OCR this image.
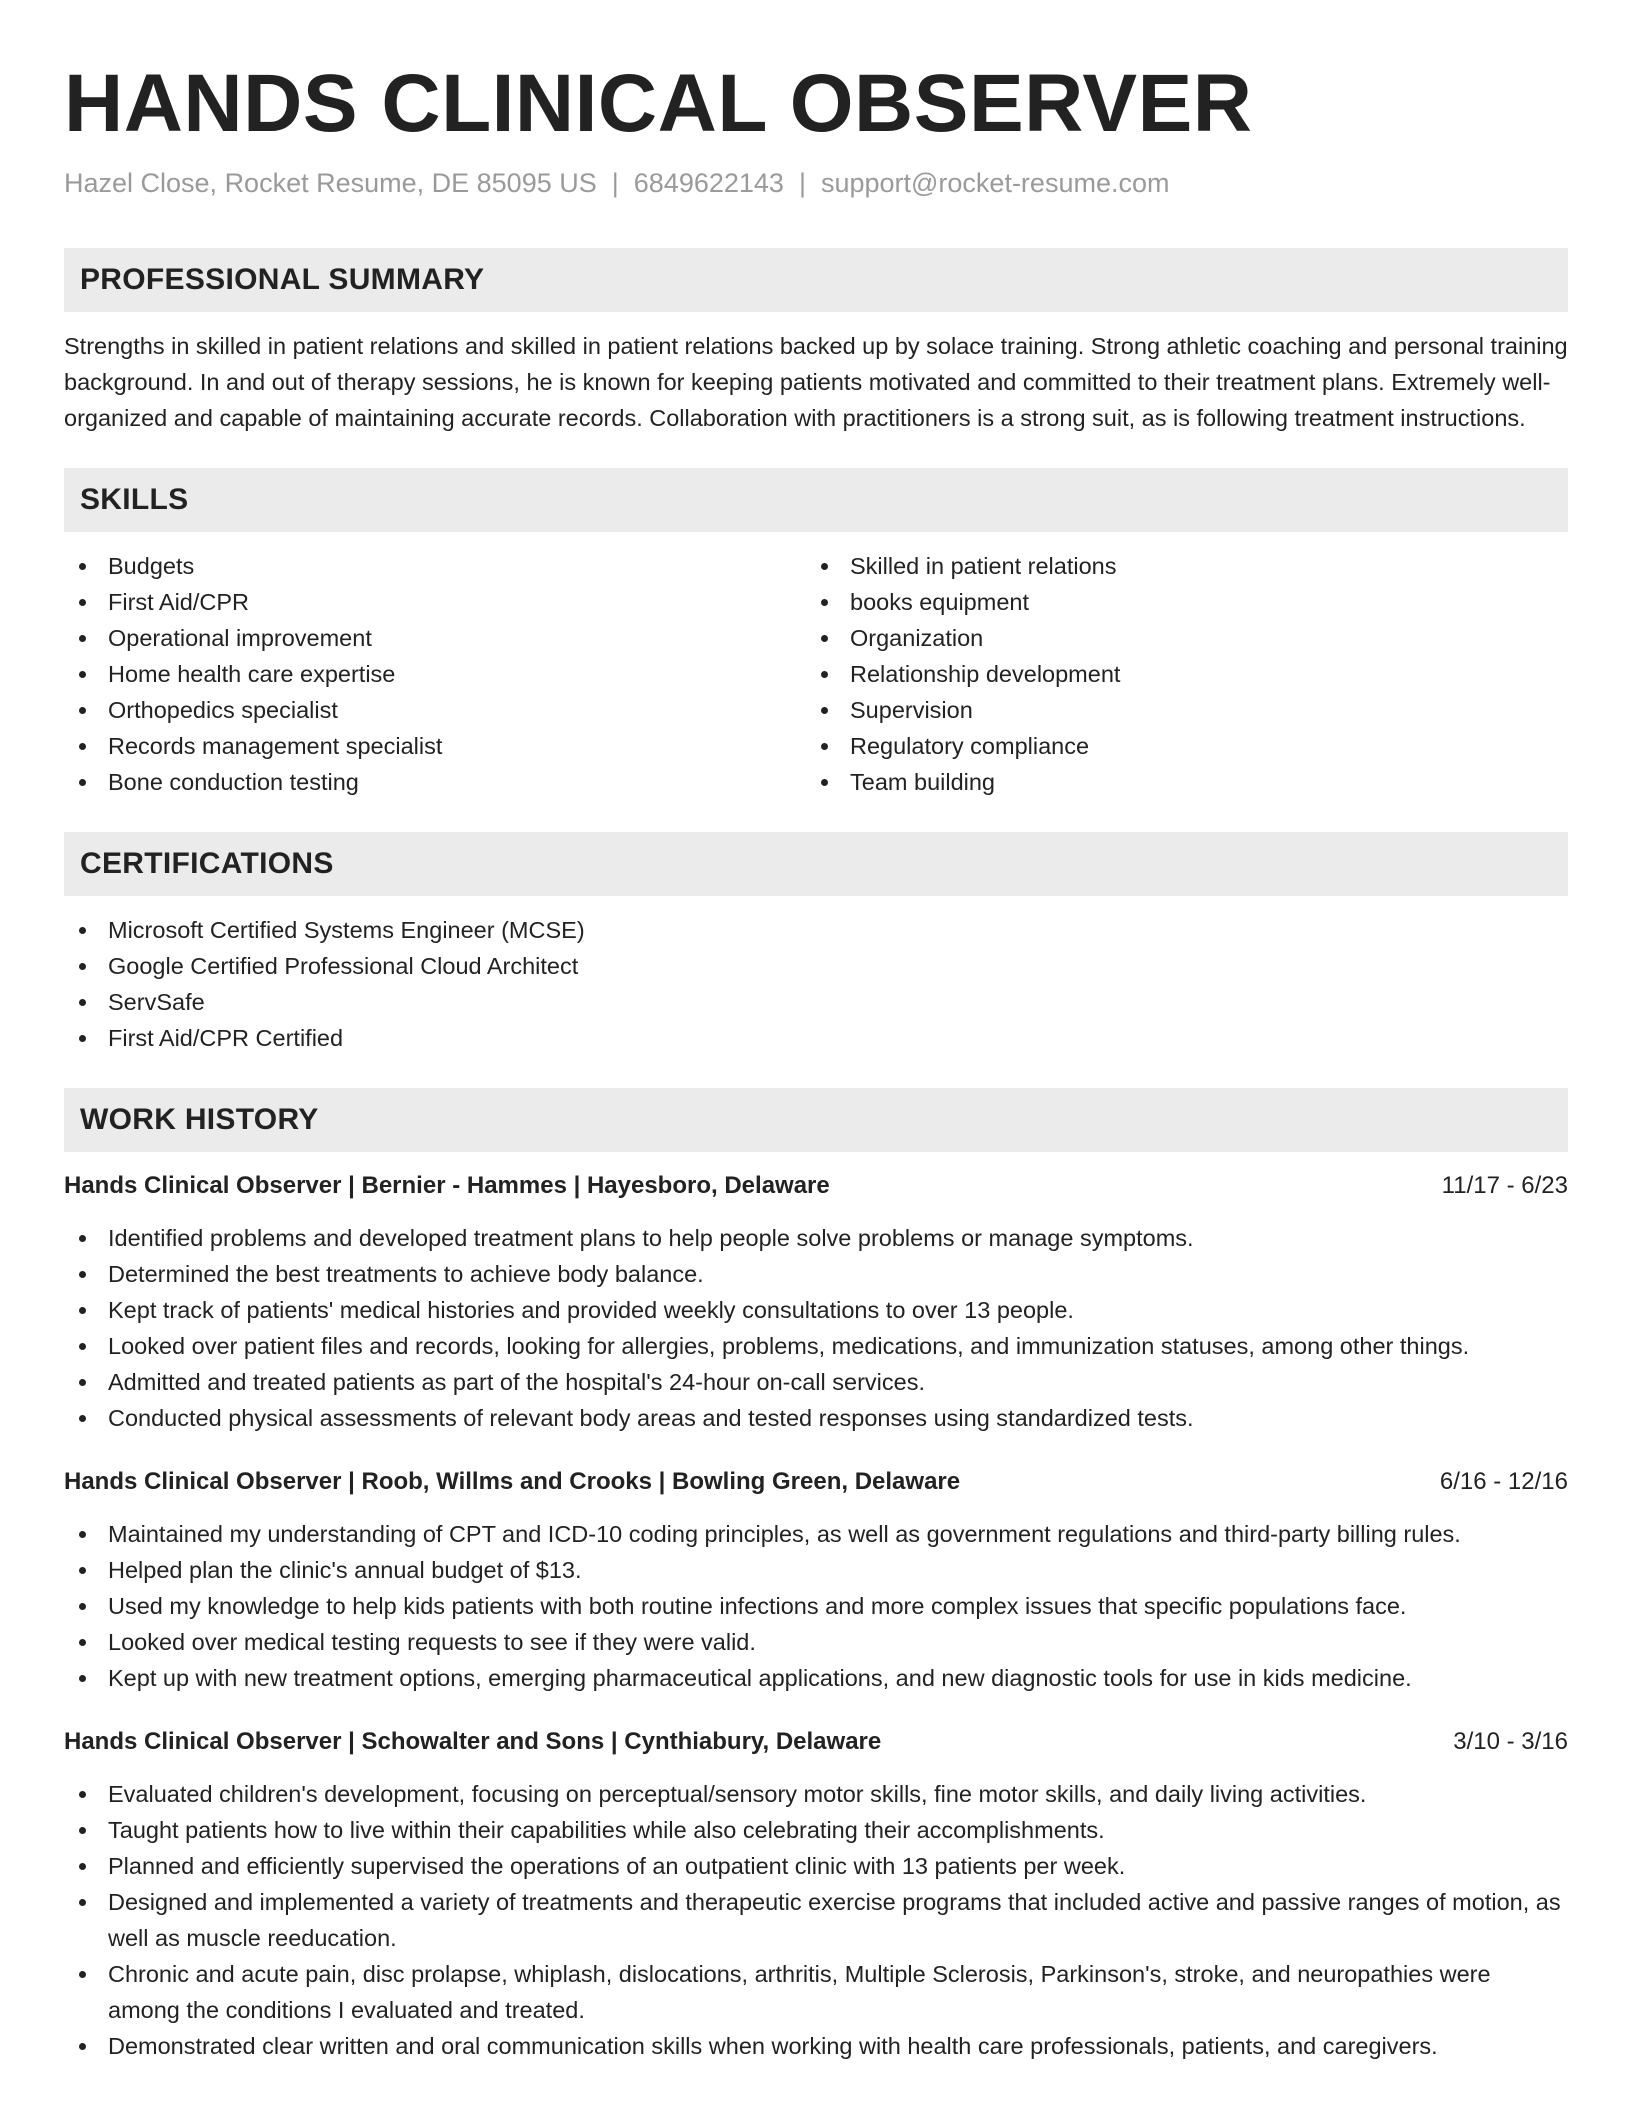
HANDS CLINICAL OBSERVER
Hazel Close, Rocket Resume, DE 85095 US | 6849622143 | support@rocket-resume.com
PROFESSIONAL SUMMARY

Strengths in skilled in patient relations and skilled in patient relations backed up by solace training. Strong athletic coaching and personal training background. In and out of therapy sessions, he is known for keeping patients motivated and committed to their treatment plans. Extremely well-organized and capable of maintaining accurate records. Collaboration with practitioners is a strong suit, as is following treatment instructions.

SKILLS
Budgets
First Aid/CPR
Operational improvement
Home health care expertise
Orthopedics specialist
Records management specialist
Bone conduction testing
Skilled in patient relations
books equipment
Organization
Relationship development
Supervision
Regulatory compliance
Team building
CERTIFICATIONS
Microsoft Certified Systems Engineer (MCSE)
Google Certified Professional Cloud Architect
ServSafe
First Aid/CPR Certified
WORK HISTORY
Hands Clinical Observer | Bernier - Hammes | Hayesboro, Delaware	11/17 - 6/23
Identified problems and developed treatment plans to help people solve problems or manage symptoms.
Determined the best treatments to achieve body balance.
Kept track of patients' medical histories and provided weekly consultations to over 13 people.
Looked over patient files and records, looking for allergies, problems, medications, and immunization statuses, among other things.
Admitted and treated patients as part of the hospital's 24-hour on-call services.
Conducted physical assessments of relevant body areas and tested responses using standardized tests.
Hands Clinical Observer | Roob, Willms and Crooks | Bowling Green, Delaware	6/16 - 12/16
Maintained my understanding of CPT and ICD-10 coding principles, as well as government regulations and third-party billing rules.
Helped plan the clinic's annual budget of $13.
Used my knowledge to help kids patients with both routine infections and more complex issues that specific populations face.
Looked over medical testing requests to see if they were valid.
Kept up with new treatment options, emerging pharmaceutical applications, and new diagnostic tools for use in kids medicine.
Hands Clinical Observer | Schowalter and Sons | Cynthiabury, Delaware	3/10 - 3/16
Evaluated children's development, focusing on perceptual/sensory motor skills, fine motor skills, and daily living activities.
Taught patients how to live within their capabilities while also celebrating their accomplishments.
Planned and efficiently supervised the operations of an outpatient clinic with 13 patients per week.
Designed and implemented a variety of treatments and therapeutic exercise programs that included active and passive ranges of motion, as well as muscle reeducation.
Chronic and acute pain, disc prolapse, whiplash, dislocations, arthritis, Multiple Sclerosis, Parkinson's, stroke, and neuropathies were among the conditions I evaluated and treated.
Demonstrated clear written and oral communication skills when working with health care professionals, patients, and caregivers.
